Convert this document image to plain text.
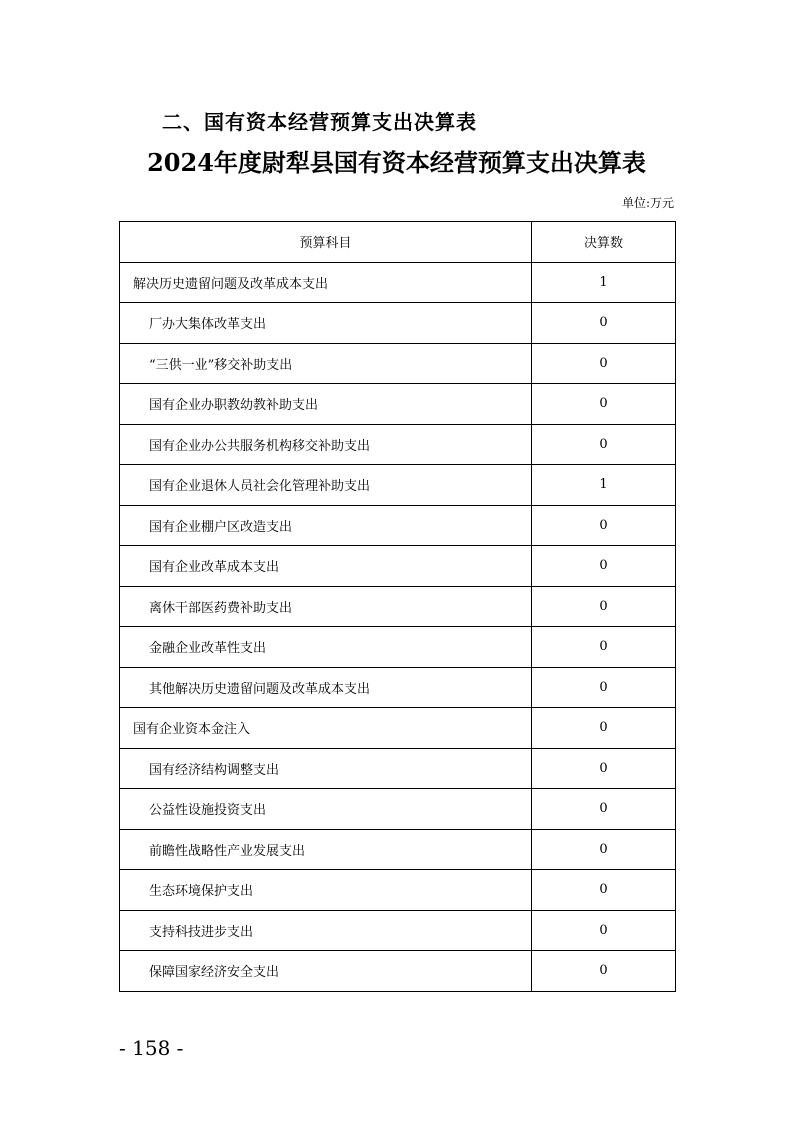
二、国有资本经营预算支出决算表
2024年度尉犁县国有资本经营预算支出决算表
单位:万元
预算科目	决算数
解决历史遗留问题及改革成本支出	1
厂办大集体改革支出	0
“三供一业”移交补助支出	0
国有企业办职教幼教补助支出	0
国有企业办公共服务机构移交补助支出	0
国有企业退休人员社会化管理补助支出	1
国有企业棚户区改造支出	0
国有企业改革成本支出	0
离休干部医药费补助支出	0
金融企业改革性支出	0
其他解决历史遗留问题及改革成本支出	0
国有企业资本金注入	0
国有经济结构调整支出	0
公益性设施投资支出	0
前瞻性战略性产业发展支出	0
生态环境保护支出	0
支持科技进步支出	0
保障国家经济安全支出	0
- 158 -
